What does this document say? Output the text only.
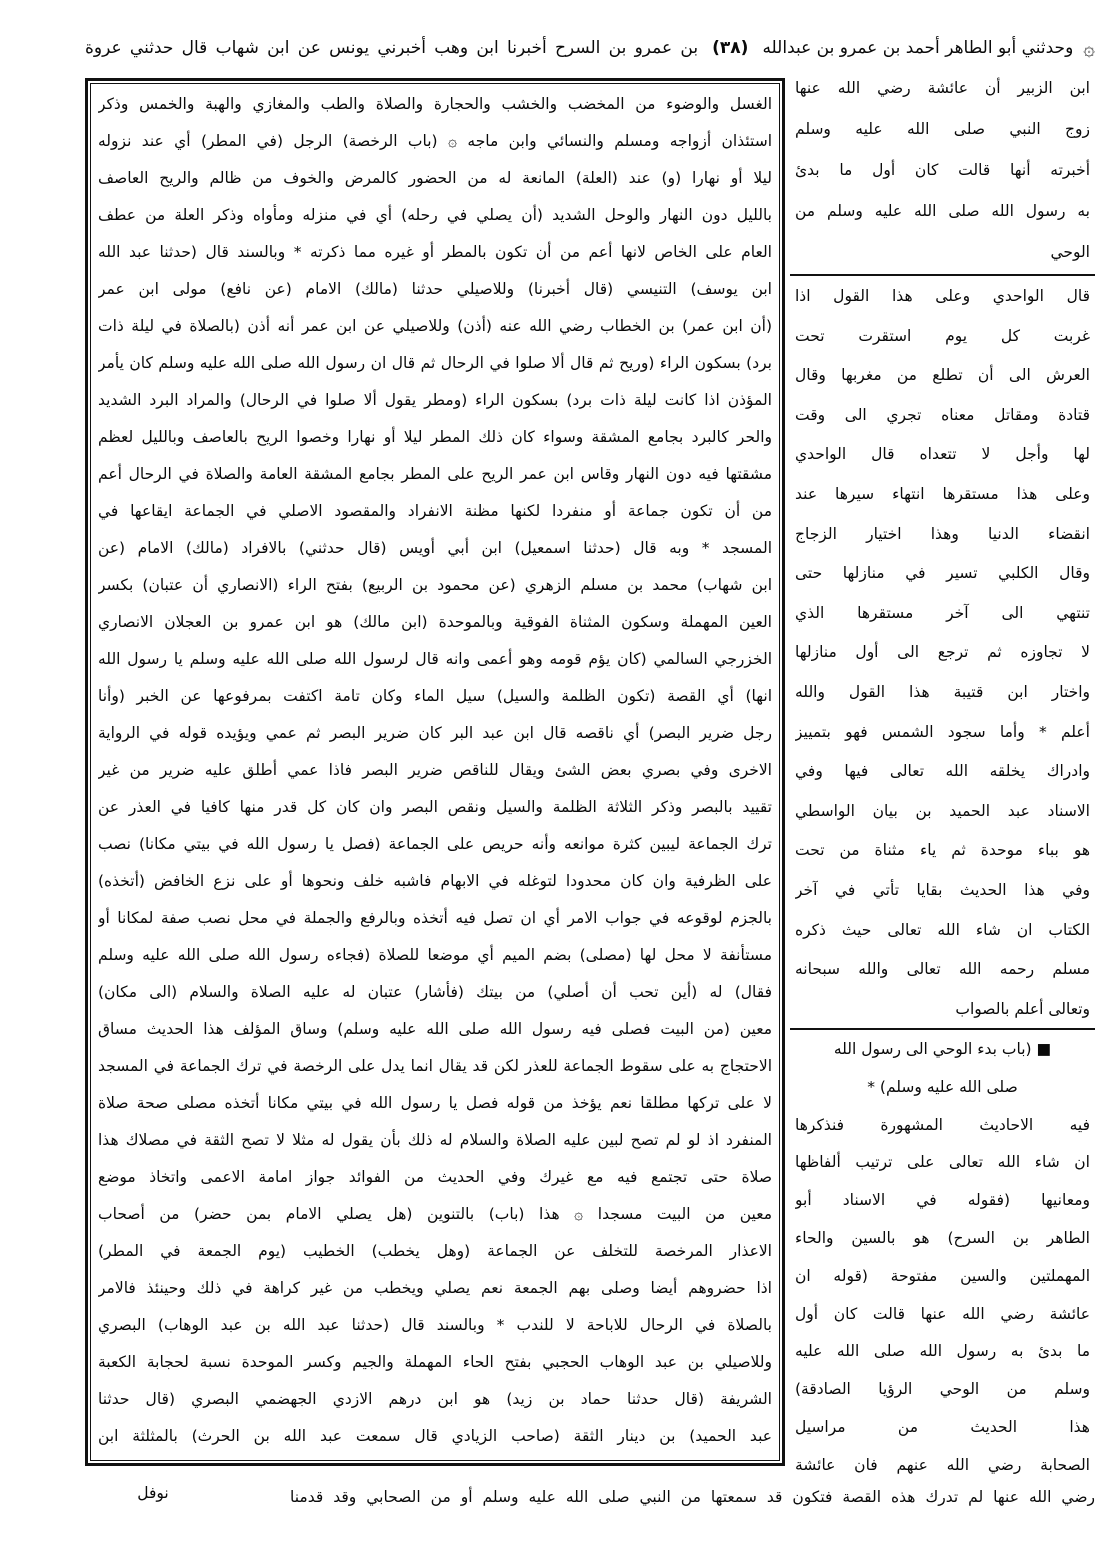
۞
وحدثني أبو الطاهر أحمد بن عمرو بن عبدالله
(٣٨)
بن عمرو بن السرح أخبرنا ابن وهب أخبرني يونس عن ابن شهاب قال حدثني عروة
الغسل والوضوء من المخضب والخشب والحجارة والصلاة والطب والمغازي والهبة والخمس وذكر
استئذان أزواجه ومسلم والنسائي وابن ماجه ۞ (باب الرخصة) الرجل (في المطر) أي عند نزوله
ليلا أو نهارا (و) عند (العلة) المانعة له من الحضور كالمرض والخوف من ظالم والريح العاصف
بالليل دون النهار والوحل الشديد (أن يصلي في رحله) أي في منزله ومأواه وذكر العلة من عطف
العام على الخاص لانها أعم من أن تكون بالمطر أو غيره مما ذكرته * وبالسند قال (حدثنا عبد الله
ابن يوسف) التنيسي (قال أخبرنا) وللاصيلي حدثنا (مالك) الامام (عن نافع) مولى ابن عمر
(أن ابن عمر) بن الخطاب رضي الله عنه (أذن) وللاصيلي عن ابن عمر أنه أذن (بالصلاة في ليلة ذات
برد) بسكون الراء (وريح ثم قال ألا صلوا في الرحال ثم قال ان رسول الله صلى الله عليه وسلم كان يأمر
المؤذن اذا كانت ليلة ذات برد) بسكون الراء (ومطر يقول ألا صلوا في الرحال) والمراد البرد الشديد
والحر كالبرد بجامع المشقة وسواء كان ذلك المطر ليلا أو نهارا وخصوا الريح بالعاصف وبالليل لعظم
مشقتها فيه دون النهار وقاس ابن عمر الريح على المطر بجامع المشقة العامة والصلاة في الرحال أعم
من أن تكون جماعة أو منفردا لكنها مظنة الانفراد والمقصود الاصلي في الجماعة ايقاعها في
المسجد * وبه قال (حدثنا اسمعيل) ابن أبي أويس (قال حدثني) بالافراد (مالك) الامام (عن
ابن شهاب) محمد بن مسلم الزهري (عن محمود بن الربيع) بفتح الراء (الانصاري أن عتبان) بكسر
العين المهملة وسكون المثناة الفوقية وبالموحدة (ابن مالك) هو ابن عمرو بن العجلان الانصاري
الخزرجي السالمي (كان يؤم قومه وهو أعمى وانه قال لرسول الله صلى الله عليه وسلم يا رسول الله
انها) أي القصة (تكون الظلمة والسيل) سيل الماء وكان تامة اكتفت بمرفوعها عن الخبر (وأنا
رجل ضرير البصر) أي ناقصه قال ابن عبد البر كان ضرير البصر ثم عمي ويؤيده قوله في الرواية
الاخرى وفي بصري بعض الشئ ويقال للناقص ضرير البصر فاذا عمي أطلق عليه ضرير من غير
تقييد بالبصر وذكر الثلاثة الظلمة والسيل ونقص البصر وان كان كل قدر منها كافيا في العذر عن
ترك الجماعة ليبين كثرة موانعه وأنه حريص على الجماعة (فصل يا رسول الله في بيتي مكانا) نصب
على الظرفية وان كان محدودا لتوغله في الابهام فاشبه خلف ونحوها أو على نزع الخافض (أتخذه)
بالجزم لوقوعه في جواب الامر أي ان تصل فيه أتخذه وبالرفع والجملة في محل نصب صفة لمكانا أو
مستأنفة لا محل لها (مصلى) بضم الميم أي موضعا للصلاة (فجاءه رسول الله صلى الله عليه وسلم
فقال) له (أين تحب أن أصلي) من بيتك (فأشار) عتبان له عليه الصلاة والسلام (الى مكان)
معين (من البيت فصلى فيه رسول الله صلى الله عليه وسلم) وساق المؤلف هذا الحديث مساق
الاحتجاج به على سقوط الجماعة للعذر لكن قد يقال انما يدل على الرخصة في ترك الجماعة في المسجد
لا على تركها مطلقا نعم يؤخذ من قوله فصل يا رسول الله في بيتي مكانا أتخذه مصلى صحة صلاة
المنفرد اذ لو لم تصح لبين عليه الصلاة والسلام له ذلك بأن يقول له مثلا لا تصح الثقة في مصلاك هذا
صلاة حتى تجتمع فيه مع غيرك وفي الحديث من الفوائد جواز امامة الاعمى واتخاذ موضع
معين من البيت مسجدا ۞ هذا (باب) بالتنوين (هل يصلي الامام بمن حضر) من أصحاب
الاعذار المرخصة للتخلف عن الجماعة (وهل يخطب) الخطيب (يوم الجمعة في المطر)
اذا حضروهم أيضا وصلى بهم الجمعة نعم يصلي ويخطب من غير كراهة في ذلك وحينئذ فالامر
بالصلاة في الرحال للاباحة لا للندب * وبالسند قال (حدثنا عبد الله بن عبد الوهاب) البصري
وللاصيلي بن عبد الوهاب الحجبي بفتح الحاء المهملة والجيم وكسر الموحدة نسبة لحجابة الكعبة
الشريفة (قال حدثنا حماد بن زيد) هو ابن درهم الازدي الجهضمي البصري (قال حدثنا
عبد الحميد) بن دينار الثقة (صاحب الزيادي قال سمعت عبد الله بن الحرث) بالمثلثة ابن
ابن الزبير أن عائشة رضي الله عنها
زوج النبي صلى الله عليه وسلم
أخبرته أنها قالت كان أول ما بدئ
به رسول الله صلى الله عليه وسلم من
الوحي
قال الواحدي وعلى هذا القول اذا
غربت كل يوم استقرت تحت
العرش الى أن تطلع من مغربها وقال
قتادة ومقاتل معناه تجري الى وقت
لها وأجل لا تتعداه قال الواحدي
وعلى هذا مستقرها انتهاء سيرها عند
انقضاء الدنيا وهذا اختيار الزجاج
وقال الكلبي تسير في منازلها حتى
تنتهي الى آخر مستقرها الذي
لا تجاوزه ثم ترجع الى أول منازلها
واختار ابن قتيبة هذا القول والله
أعلم * وأما سجود الشمس فهو بتمييز
وادراك يخلقه الله تعالى فيها وفي
الاسناد عبد الحميد بن بيان الواسطي
هو بباء موحدة ثم ياء مثناة من تحت
وفي هذا الحديث بقايا تأتي في آخر
الكتاب ان شاء الله تعالى حيث ذكره
مسلم رحمه الله تعالى والله سبحانه
وتعالى أعلم بالصواب
■ (باب بدء الوحي الى رسول الله
صلى الله عليه وسلم) *
فيه الاحاديث المشهورة فنذكرها
ان شاء الله تعالى على ترتيب ألفاظها
ومعانيها (فقوله في الاسناد أبو
الطاهر بن السرح) هو بالسين والحاء
المهملتين والسين مفتوحة (قوله ان
عائشة رضي الله عنها قالت كان أول
ما بدئ به رسول الله صلى الله عليه
وسلم من الوحي الرؤيا الصادقة)
هذا الحديث من مراسيل
الصحابة رضي الله عنهم فان عائشة
رضي الله عنها لم تدرك هذه القصة فتكون قد سمعتها من النبي صلى الله عليه وسلم أو من الصحابي وقد قدمنا
نوفل
